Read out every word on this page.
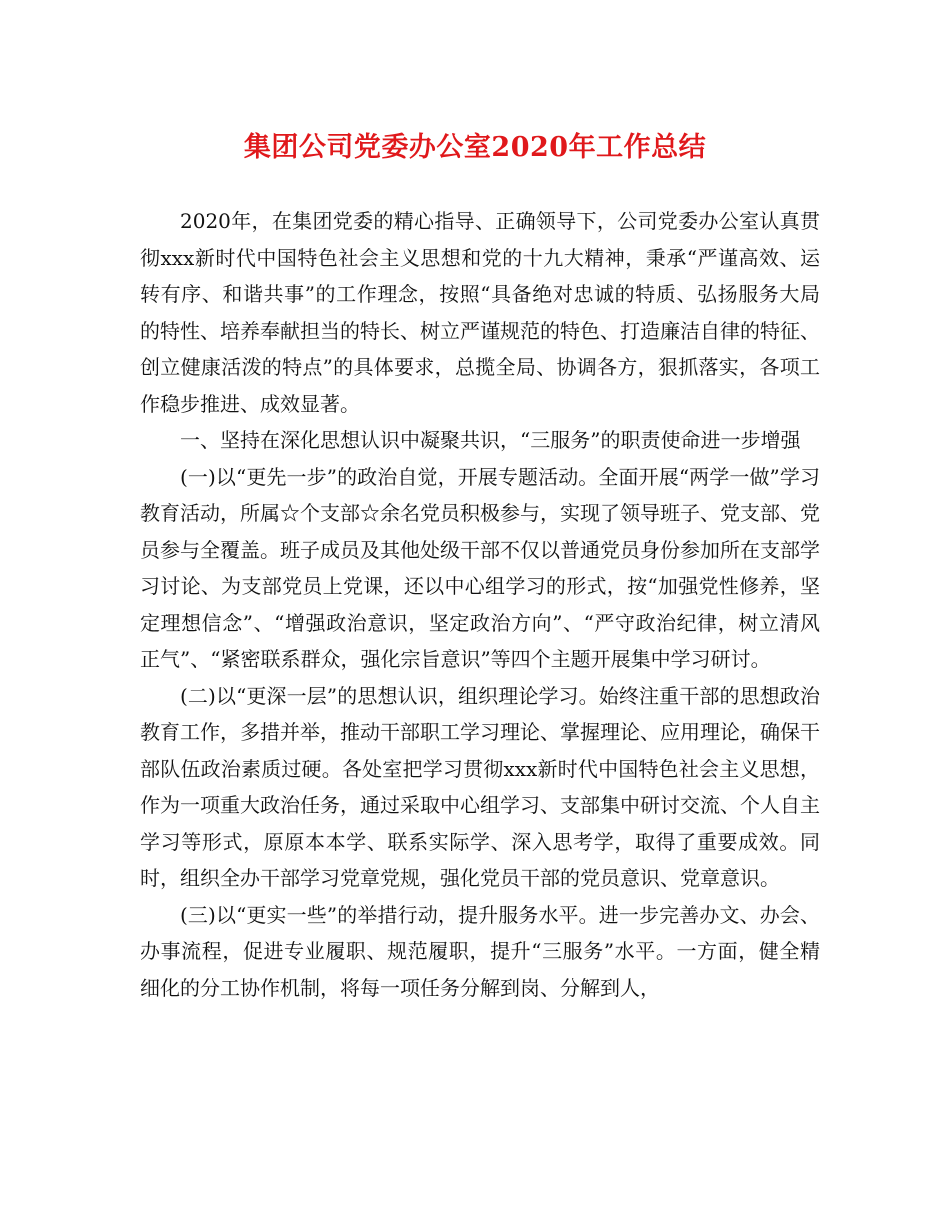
集团公司党委办公室2020年工作总结

2020年，在集团党委的精心指导、正确领导下，公司党委办公室认真贯彻xxx新时代中国特色社会主义思想和党的十九大精神，秉承“严谨高效、运转有序、和谐共事”的工作理念，按照“具备绝对忠诚的特质、弘扬服务大局的特性、培养奉献担当的特长、树立严谨规范的特色、打造廉洁自律的特征、创立健康活泼的特点”的具体要求，总揽全局、协调各方，狠抓落实，各项工作稳步推进、成效显著。

一、坚持在深化思想认识中凝聚共识，“三服务”的职责使命进一步增强

(一)以“更先一步”的政治自觉，开展专题活动。全面开展“两学一做”学习教育活动，所属☆个支部☆余名党员积极参与，实现了领导班子、党支部、党员参与全覆盖。班子成员及其他处级干部不仅以普通党员身份参加所在支部学习讨论、为支部党员上党课，还以中心组学习的形式，按“加强党性修养，坚定理想信念”、“增强政治意识，坚定政治方向”、“严守政治纪律，树立清风正气”、“紧密联系群众，强化宗旨意识”等四个主题开展集中学习研讨。

(二)以“更深一层”的思想认识，组织理论学习。始终注重干部的思想政治教育工作，多措并举，推动干部职工学习理论、掌握理论、应用理论，确保干部队伍政治素质过硬。各处室把学习贯彻xxx新时代中国特色社会主义思想，作为一项重大政治任务，通过采取中心组学习、支部集中研讨交流、个人自主学习等形式，原原本本学、联系实际学、深入思考学，取得了重要成效。同时，组织全办干部学习党章党规，强化党员干部的党员意识、党章意识。

(三)以“更实一些”的举措行动，提升服务水平。进一步完善办文、办会、办事流程，促进专业履职、规范履职，提升“三服务”水平。一方面，健全精细化的分工协作机制，将每一项任务分解到岗、分解到人，
